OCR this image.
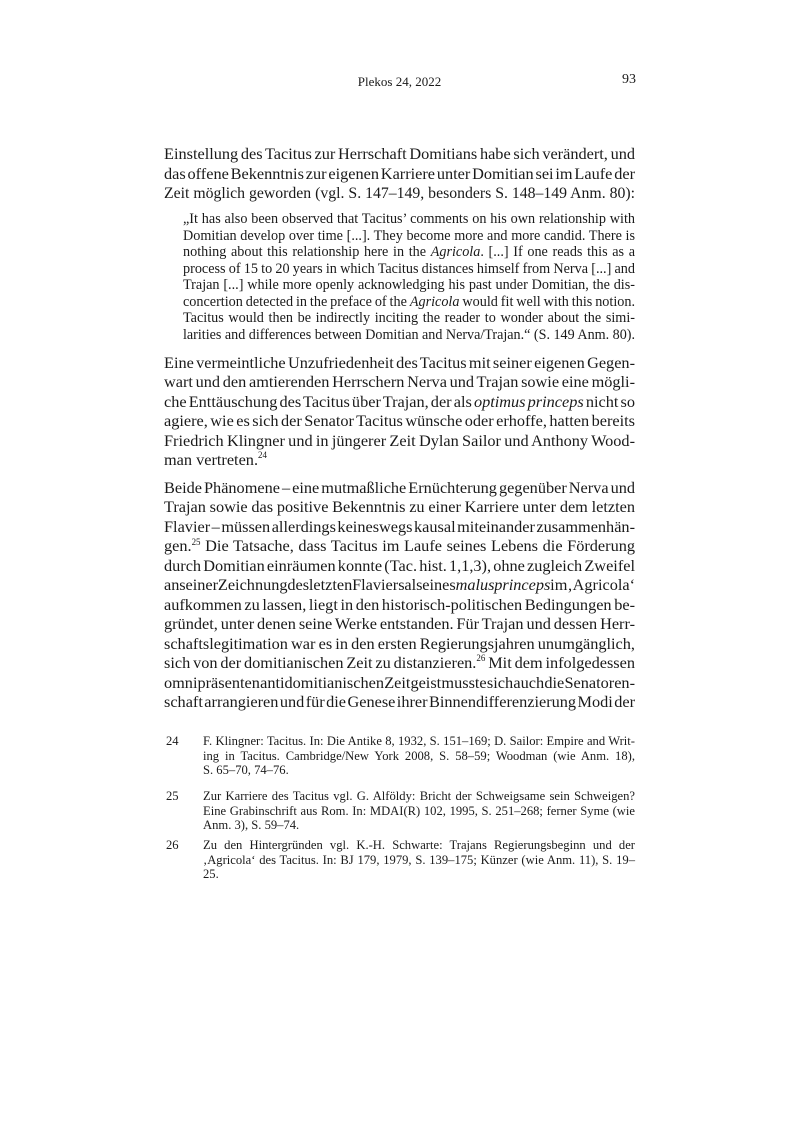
Plekos 24, 2022	93
Einstellung des Tacitus zur Herrschaft Domitians habe sich verändert, und
das offene Bekenntnis zur eigenen Karriere unter Domitian sei im Laufe der
Zeit möglich geworden (vgl. S. 147–149, besonders S. 148–149 Anm. 80):
„It has also been observed that Tacitus’ comments on his own relationship with
Domitian develop over time [...]. They become more and more candid. There is
nothing about this relationship here in the Agricola. [...] If one reads this as a
process of 15 to 20 years in which Tacitus distances himself from Nerva [...] and
Trajan [...] while more openly acknowledging his past under Domitian, the dis-
concertion detected in the preface of the Agricola would fit well with this notion.
Tacitus would then be indirectly inciting the reader to wonder about the simi-
larities and differences between Domitian and Nerva/Trajan.“ (S. 149 Anm. 80).
Eine vermeintliche Unzufriedenheit des Tacitus mit seiner eigenen Gegen-
wart und den amtierenden Herrschern Nerva und Trajan sowie eine mögli-
che Enttäuschung des Tacitus über Trajan, der als optimus princeps nicht so
agiere, wie es sich der Senator Tacitus wünsche oder erhoffe, hatten bereits
Friedrich Klingner und in jüngerer Zeit Dylan Sailor und Anthony Wood-
man vertreten.$^{24}$
Beide Phänomene – eine mutmaßliche Ernüchterung gegenüber Nerva und
Trajan sowie das positive Bekenntnis zu einer Karriere unter dem letzten
Flavier – müssen allerdings keineswegs kausal miteinander zusammenhän-
gen.$^{25}$ Die Tatsache, dass Tacitus im Laufe seines Lebens die Förderung
durch Domitian einräumen konnte (Tac. hist. 1,1,3), ohne zugleich Zweifel
an seiner Zeichnung des letzten Flaviers als eines malus princeps im ‚Agricola‘
aufkommen zu lassen, liegt in den historisch-politischen Bedingungen be-
gründet, unter denen seine Werke entstanden. Für Trajan und dessen Herr-
schaftslegitimation war es in den ersten Regierungsjahren unumgänglich,
sich von der domitianischen Zeit zu distanzieren.$^{26}$ Mit dem infolgedessen
omnipräsenten antidomitianischen Zeitgeist musste sich auch die Senatoren-
schaft arrangieren und für die Genese ihrer Binnendifferenzierung Modi der
24 F. Klingner: Tacitus. In: Die Antike 8, 1932, S. 151–169; D. Sailor: Empire and Writ-
ing in Tacitus. Cambridge/New York 2008, S. 58–59; Woodman (wie Anm. 18),
S. 65–70, 74–76.
25 Zur Karriere des Tacitus vgl. G. Alföldy: Bricht der Schweigsame sein Schweigen?
Eine Grabinschrift aus Rom. In: MDAI(R) 102, 1995, S. 251–268; ferner Syme (wie
Anm. 3), S. 59–74.
26 Zu den Hintergründen vgl. K.-H. Schwarte: Trajans Regierungsbeginn und der
‚Agricola‘ des Tacitus. In: BJ 179, 1979, S. 139–175; Künzer (wie Anm. 11), S. 19–
25.
